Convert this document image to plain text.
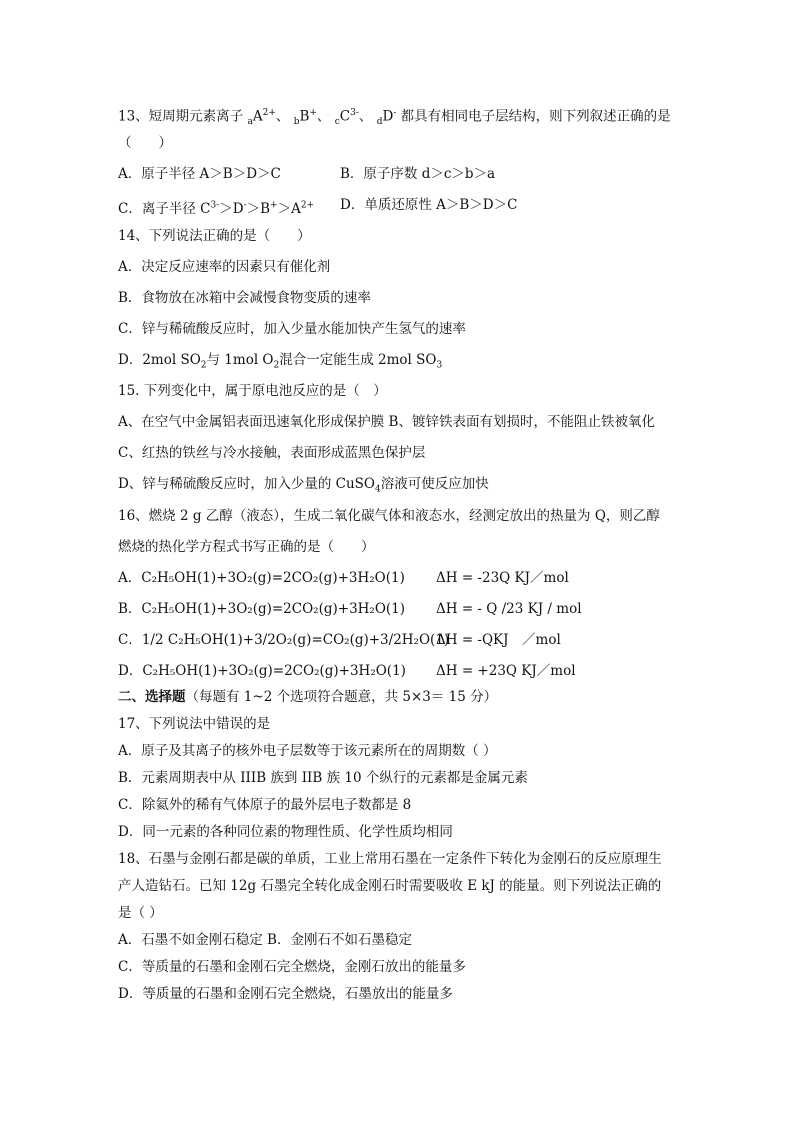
13、短周期元素离子 $_aA^{2+}$、 $_b$B+、 $_cC^{3-}$、 $_d$D- 都具有相同电子层结构，则下列叙述正确的是
（　　）
A．原子半径 A＞B＞D＞C	B．原子序数 d＞c＞b＞a
C．离子半径 $C^{3-}>D^->B^+>A^{2+}$ D．单质还原性 A＞B＞D＞C
14、下列说法正确的是（　　）
A．决定反应速率的因素只有催化剂
B．食物放在冰箱中会减慢食物变质的速率
C．锌与稀硫酸反应时，加入少量水能加快产生氢气的速率
D．2mol $SO_2$与 1mol $O_2$混合一定能生成 2mol $SO_3$
15. 下列变化中，属于原电池反应的是（　）
A、在空气中金属铝表面迅速氧化形成保护膜 B、镀锌铁表面有划损时，不能阻止铁被氧化
C、红热的铁丝与冷水接触，表面形成蓝黑色保护层
D、锌与稀硫酸反应时，加入少量的 CuSO$_4$溶液可使反应加快
16、燃烧 2 g 乙醇（液态），生成二氧化碳气体和液态水，经测定放出的热量为 Q，则乙醇
燃烧的热化学方程式书写正确的是（　　）
A．C₂H₅OH(1)+3O₂(g)=2CO₂(g)+3H₂O(1) ΔH = -23Q KJ／mol
B．C₂H₅OH(1)+3O₂(g)=2CO₂(g)+3H₂O(1) ΔH = - Q /23 KJ / mol
C．1/2 C₂H₅OH(1)+3/2O₂(g)=CO₂(g)+3/2H₂O(1)
ΔH = -QKJ　／mol
D．C₂H₅OH(1)+3O₂(g)=2CO₂(g)+3H₂O(1) ΔH = +23Q KJ／mol
二、选择题（每题有 1~2 个选项符合题意，共 5×3＝ 15 分）
17、下列说法中错误的是
A．原子及其离子的核外电子层数等于该元素所在的周期数（ ）
B．元素周期表中从 IIIB 族到 IIB 族 10 个纵行的元素都是金属元素
C．除氦外的稀有气体原子的最外层电子数都是 8
D．同一元素的各种同位素的物理性质、化学性质均相同
18、石墨与金刚石都是碳的单质，工业上常用石墨在一定条件下转化为金刚石的反应原理生
产人造钻石。已知 12g 石墨完全转化成金刚石时需要吸收 E kJ 的能量。则下列说法正确的
是（ ）
A．石墨不如金刚石稳定 B．金刚石不如石墨稳定
C．等质量的石墨和金刚石完全燃烧，金刚石放出的能量多
D．等质量的石墨和金刚石完全燃烧，石墨放出的能量多
